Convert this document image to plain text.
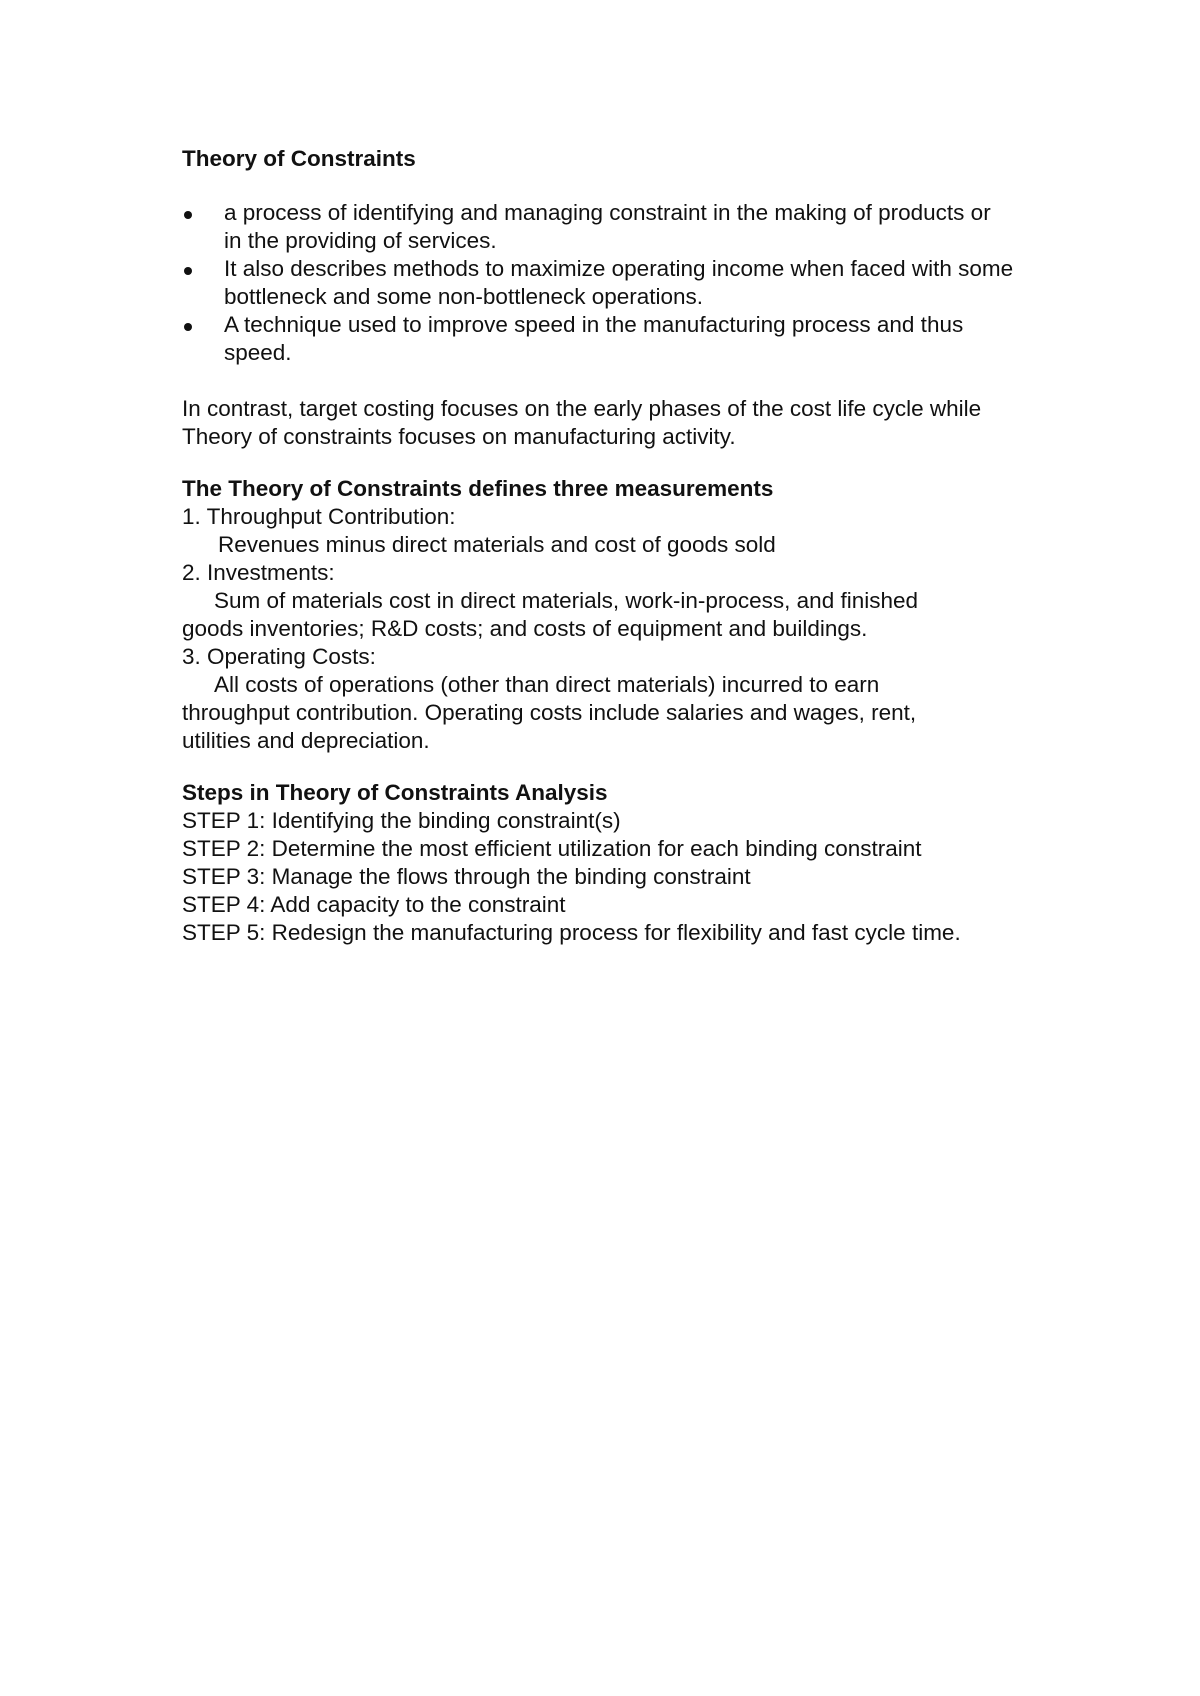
Theory of Constraints
a process of identifying and managing constraint in the making of products or in the providing of services.
It also describes methods to maximize operating income when faced with some bottleneck and some non-bottleneck operations.
A technique used to improve speed in the manufacturing process and thus speed.

In contrast, target costing focuses on the early phases of the cost life cycle while Theory of constraints focuses on manufacturing activity.

The Theory of Constraints defines three measurements

1. Throughput Contribution:

Revenues minus direct materials and cost of goods sold

2. Investments:

Sum of materials cost in direct materials, work-in-process, and finished goods inventories; R&D costs; and costs of equipment and buildings.

3. Operating Costs:

All costs of operations (other than direct materials) incurred to earn throughput contribution. Operating costs include salaries and wages, rent, utilities and depreciation.

Steps in Theory of Constraints Analysis

STEP 1: Identifying the binding constraint(s)

STEP 2: Determine the most efficient utilization for each binding constraint

STEP 3: Manage the flows through the binding constraint

STEP 4: Add capacity to the constraint

STEP 5: Redesign the manufacturing process for flexibility and fast cycle time.
